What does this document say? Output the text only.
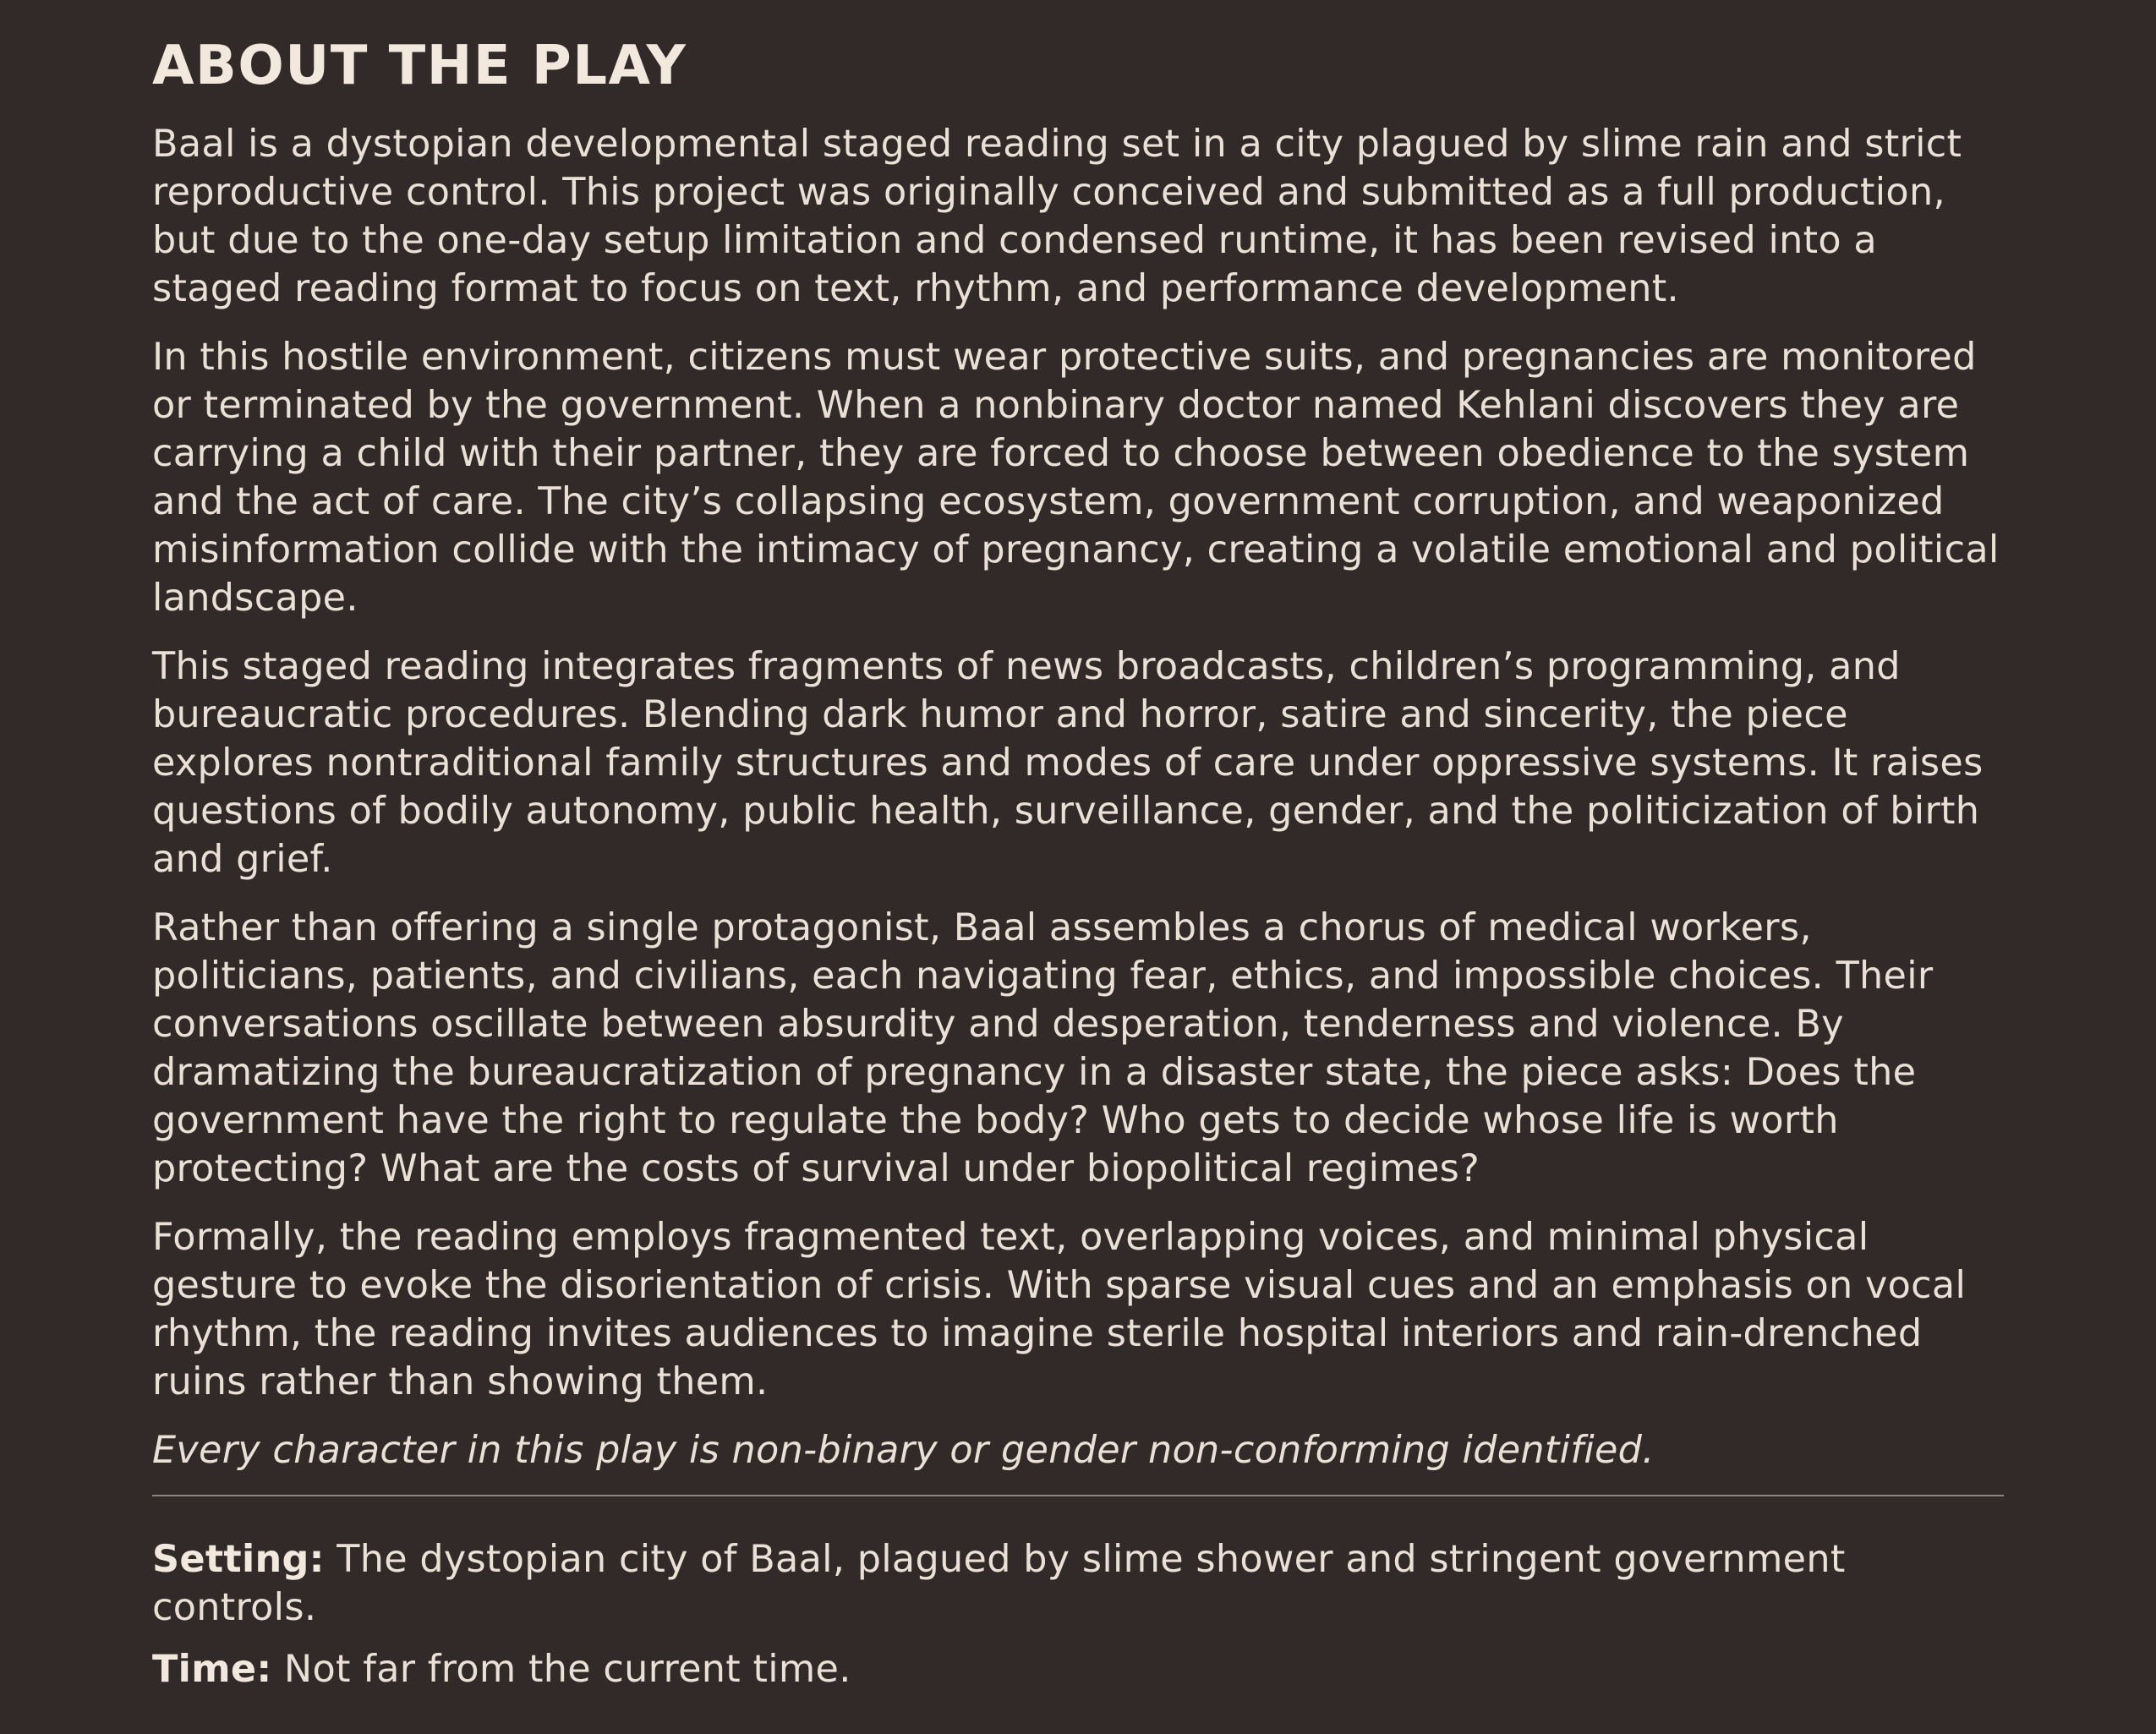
ABOUT THE PLAY

Baal is a dystopian developmental staged reading set in a city plagued by slime rain and strict reproductive control. This project was originally conceived and submitted as a full production, but due to the one-day setup limitation and condensed runtime, it has been revised into a staged reading format to focus on text, rhythm, and performance development.

In this hostile environment, citizens must wear protective suits, and pregnancies are monitored or terminated by the government. When a nonbinary doctor named Kehlani discovers they are carrying a child with their partner, they are forced to choose between obedience to the system and the act of care. The city’s collapsing ecosystem, government corruption, and weaponized misinformation collide with the intimacy of pregnancy, creating a volatile emotional and political landscape.

This staged reading integrates fragments of news broadcasts, children’s programming, and bureaucratic procedures. Blending dark humor and horror, satire and sincerity, the piece explores nontraditional family structures and modes of care under oppressive systems. It raises questions of bodily autonomy, public health, surveillance, gender, and the politicization of birth and grief.

Rather than offering a single protagonist, Baal assembles a chorus of medical workers, politicians, patients, and civilians, each navigating fear, ethics, and impossible choices. Their conversations oscillate between absurdity and desperation, tenderness and violence. By dramatizing the bureaucratization of pregnancy in a disaster state, the piece asks: Does the government have the right to regulate the body? Who gets to decide whose life is worth protecting? What are the costs of survival under biopolitical regimes?

Formally, the reading employs fragmented text, overlapping voices, and minimal physical gesture to evoke the disorientation of crisis. With sparse visual cues and an emphasis on vocal rhythm, the reading invites audiences to imagine sterile hospital interiors and rain-drenched ruins rather than showing them.

Every character in this play is non-binary or gender non-conforming identified.

Setting: The dystopian city of Baal, plagued by slime shower and stringent government controls.

Time: Not far from the current time.
